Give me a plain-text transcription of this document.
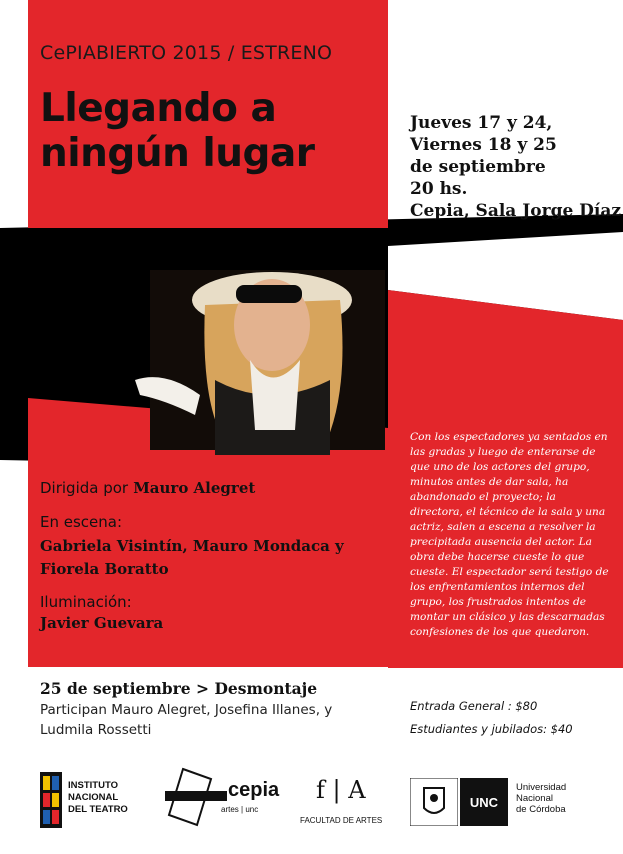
CePIABIERTO 2015 / ESTRENO
Llegando a
ningún lugar
Jueves 17 y 24,
Viernes 18 y 25
de septiembre
20 hs.
Cepia, Sala Jorge Díaz
Dirigida por Mauro Alegret
En escena:
Gabriela Visintín, Mauro Mondaca y
Fiorela Boratto
Iluminación:
Javier Guevara
Con los espectadores ya sentados en las gradas y luego de enterarse de que uno de los actores del grupo, minutos antes de dar sala, ha abandonado el proyecto; la directora, el técnico de la sala y una actriz, salen a escena a resolver la precipitada ausencia del actor. La obra debe hacerse cueste lo que cueste. El espectador será testigo de los enfrentamientos internos del grupo, los frustrados intentos de montar un clásico y las descarnadas confesiones de los que quedaron.
25 de septiembre > Desmontaje
Participan Mauro Alegret, Josefina Illanes, y Ludmila Rossetti
Entrada General : $80
Estudiantes y jubilados: $40
INSTITUTO
NACIONAL
DEL TEATRO
cepia
artes | unc
f | A
FACULTAD DE ARTES
UNC
Universidad
Nacional
de Córdoba
